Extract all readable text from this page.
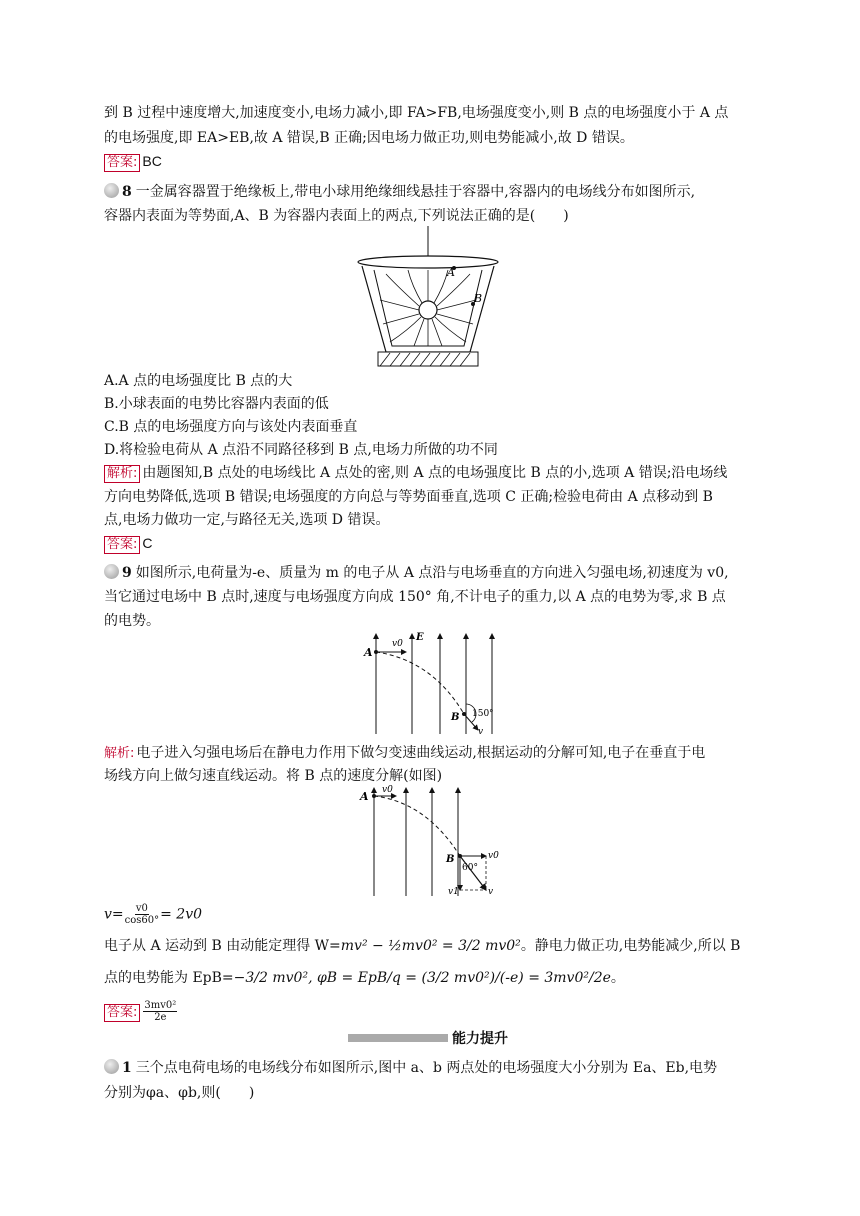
到 B 过程中速度增大,加速度变小,电场力减小,即 FA>FB,电场强度变小,则 B 点的电场强度小于 A 点
的电场强度,即 EA>EB,故 A 错误,B 正确;因电场力做正功,则电势能减小,故 D 错误。
答案: BC
8 一金属容器置于绝缘板上,带电小球用绝缘细线悬挂于容器中,容器内的电场线分布如图所示,
容器内表面为等势面,A、B 为容器内表面上的两点,下列说法正确的是(　　)
A
B
A.A 点的电场强度比 B 点的大
B.小球表面的电势比容器内表面的低
C.B 点的电场强度方向与该处内表面垂直
D.将检验电荷从 A 点沿不同路径移到 B 点,电场力所做的功不同
解析: 由题图知,B 点处的电场线比 A 点处的密,则 A 点的电场强度比 B 点的小,选项 A 错误;沿电场线
方向电势降低,选项 B 错误;电场强度的方向总与等势面垂直,选项 C 正确;检验电荷由 A 点移动到 B
点,电场力做功一定,与路径无关,选项 D 错误。
答案: C
9 如图所示,电荷量为-e、质量为 m 的电子从 A 点沿与电场垂直的方向进入匀强电场,初速度为 v0,
当它通过电场中 B 点时,速度与电场强度方向成 150° 角,不计电子的重力,以 A 点的电势为零,求 B 点
的电势。
A
v0
E
B 150°
v
解析: 电子进入匀强电场后在静电力作用下做匀变速曲线运动,根据运动的分解可知,电子在垂直于电
场线方向上做匀速直线运动。将 B 点的速度分解(如图)
A v0
B
60°
v0
v1	v
$v= \frac{v0}{\cos 60^\circ} = 2v0$
电子从 A 运动到 B 由动能定理得 W=mv² − ½mv0² = 3/2 mv0²。静电力做正功,电势能减少,所以 B
点的电势能为 EpB=−3/2 mv0², φB = EpB/q = (3/2 mv0²)/(-e) = 3mv0²/2e。
答案: $\frac{\text{3mv0²}}{2e}$
能力提升
1 三个点电荷电场的电场线分布如图所示,图中 a、b 两点处的电场强度大小分别为 Ea、Eb,电势
分别为φa、φb,则(　　)
